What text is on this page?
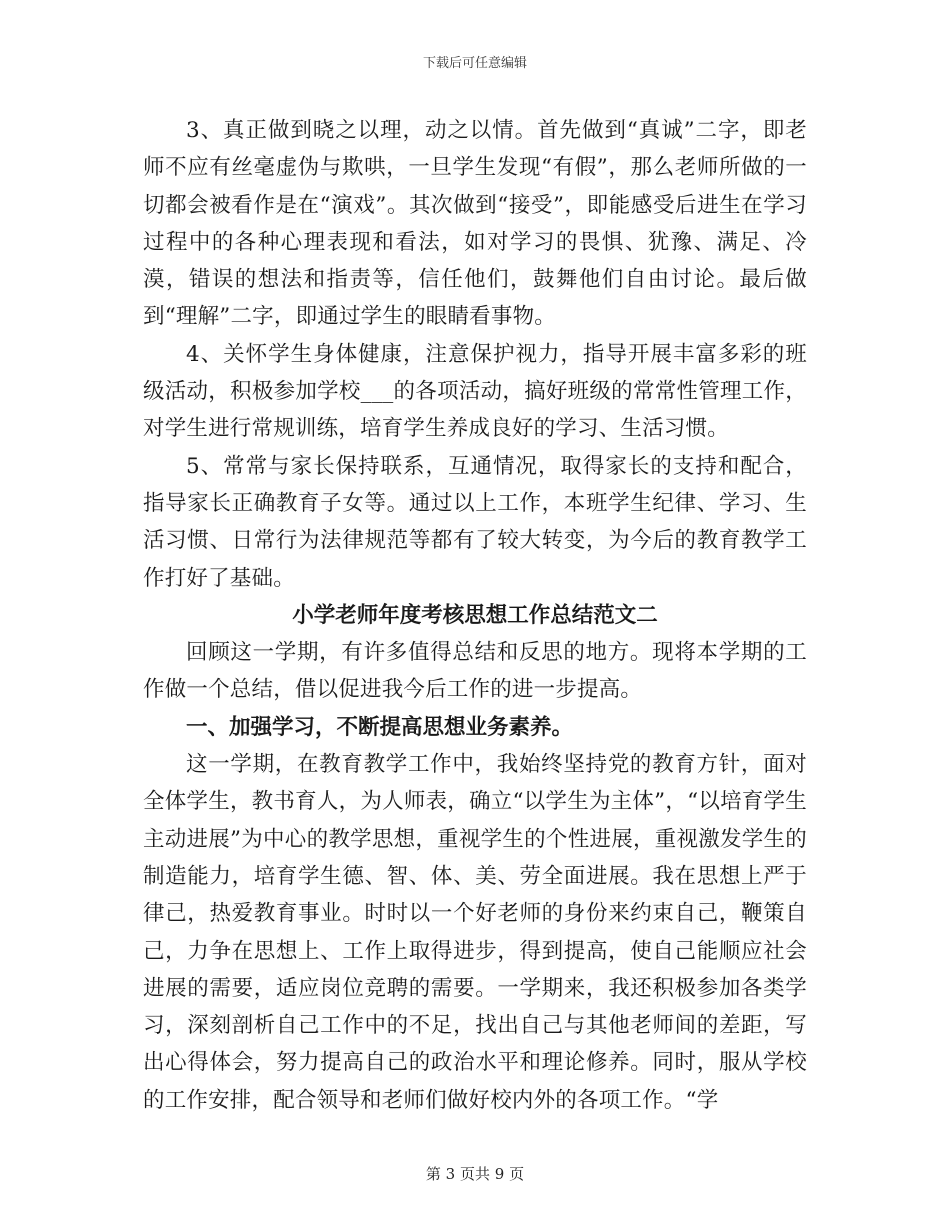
下载后可任意编辑

3、真正做到晓之以理，动之以情。首先做到“真诚”二字，即老师不应有丝毫虚伪与欺哄，一旦学生发现“有假”，那么老师所做的一切都会被看作是在“演戏”。其次做到“接受”，即能感受后进生在学习过程中的各种心理表现和看法，如对学习的畏惧、犹豫、满足、冷漠，错误的想法和指责等，信任他们，鼓舞他们自由讨论。最后做到“理解”二字，即通过学生的眼睛看事物。

4、关怀学生身体健康，注意保护视力，指导开展丰富多彩的班级活动，积极参加学校___的各项活动，搞好班级的常常性管理工作，对学生进行常规训练，培育学生养成良好的学习、生活习惯。

5、常常与家长保持联系，互通情况，取得家长的支持和配合，指导家长正确教育子女等。通过以上工作，本班学生纪律、学习、生活习惯、日常行为法律规范等都有了较大转变，为今后的教育教学工作打好了基础。

小学老师年度考核思想工作总结范文二

回顾这一学期，有许多值得总结和反思的地方。现将本学期的工作做一个总结，借以促进我今后工作的进一步提高。

一、加强学习，不断提高思想业务素养。

这一学期，在教育教学工作中，我始终坚持党的教育方针，面对全体学生，教书育人，为人师表，确立“以学生为主体”，“以培育学生主动进展”为中心的教学思想，重视学生的个性进展，重视激发学生的制造能力，培育学生德、智、体、美、劳全面进展。我在思想上严于律己，热爱教育事业。时时以一个好老师的身份来约束自己，鞭策自己，力争在思想上、工作上取得进步，得到提高，使自己能顺应社会进展的需要，适应岗位竞聘的需要。一学期来，我还积极参加各类学习，深刻剖析自己工作中的不足，找出自己与其他老师间的差距，写出心得体会，努力提高自己的政治水平和理论修养。同时，服从学校的工作安排，配合领导和老师们做好校内外的各项工作。“学

第 3 页共 9 页
